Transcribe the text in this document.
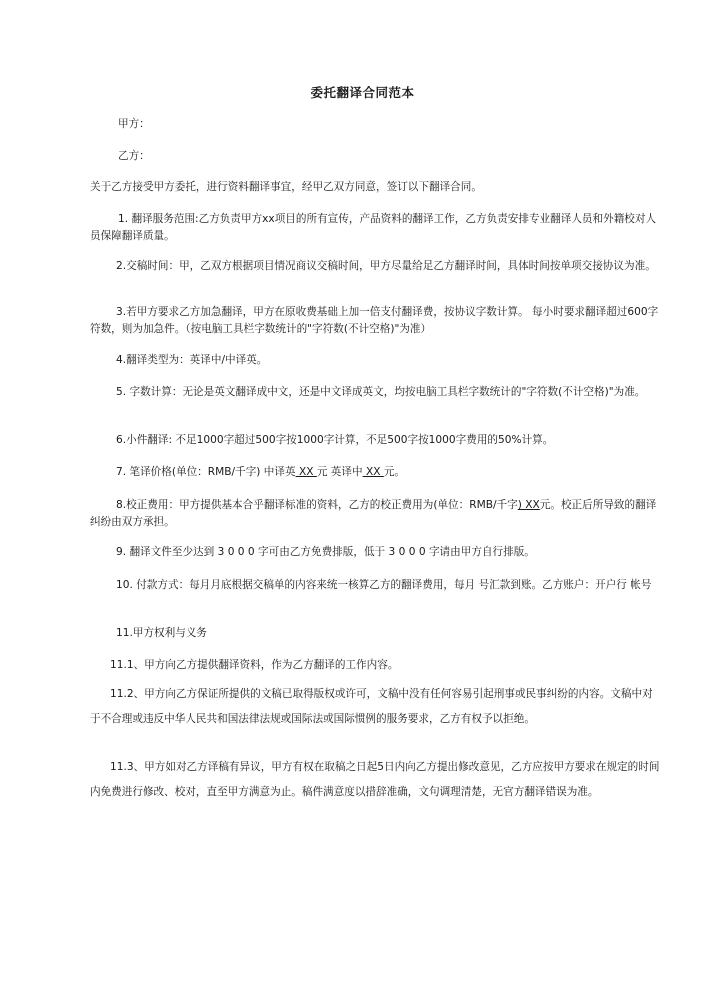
委托翻译合同范本
甲方：
乙方：
关于乙方接受甲方委托，进行资料翻译事宜，经甲乙双方同意，签订以下翻译合同。
1. 翻译服务范围:乙方负责甲方xx项目的所有宣传，产品资料的翻译工作，乙方负责安排专业翻译人员和外籍校对人员保障翻译质量。
2.交稿时间：甲，乙双方根据项目情况商议交稿时间，甲方尽量给足乙方翻译时间，具体时间按单项交接协议为准。
3.若甲方要求乙方加急翻译，甲方在原收费基础上加一倍支付翻译费，按协议字数计算。 每小时要求翻译超过600字符数，则为加急件。（按电脑工具栏字数统计的"字符数(不计空格)"为准）
4.翻译类型为：英译中/中译英。
5. 字数计算：无论是英文翻译成中文，还是中文译成英文，均按电脑工具栏字数统计的"字符数(不计空格)"为准。
6.小件翻译: 不足1000字超过500字按1000字计算，不足500字按1000字费用的50%计算。
7. 笔译价格(单位：RMB/千字) 中译英 XX 元 英译中 XX 元。
8.校正费用：甲方提供基本合乎翻译标准的资料，乙方的校正费用为(单位：RMB/千字) XX元。校正后所导致的翻译纠纷由双方承担。
9. 翻译文件至少达到 3 0 0 0 字可由乙方免费排版，低于 3 0 0 0 字请由甲方自行排版。
10. 付款方式：每月月底根据交稿单的内容来统一核算乙方的翻译费用，每月 号汇款到账。乙方账户：开户行 帐号
11.甲方权利与义务
11.1、甲方向乙方提供翻译资料，作为乙方翻译的工作内容。
11.2、甲方向乙方保证所提供的文稿已取得版权或许可，文稿中没有任何容易引起刑事或民事纠纷的内容。文稿中对于不合理或违反中华人民共和国法律法规或国际法或国际惯例的服务要求，乙方有权予以拒绝。
11.3、甲方如对乙方译稿有异议，甲方有权在取稿之日起5日内向乙方提出修改意见，乙方应按甲方要求在规定的时间内免费进行修改、校对，直至甲方满意为止。稿件满意度以措辞准确，文句调理清楚，无官方翻译错误为准。
